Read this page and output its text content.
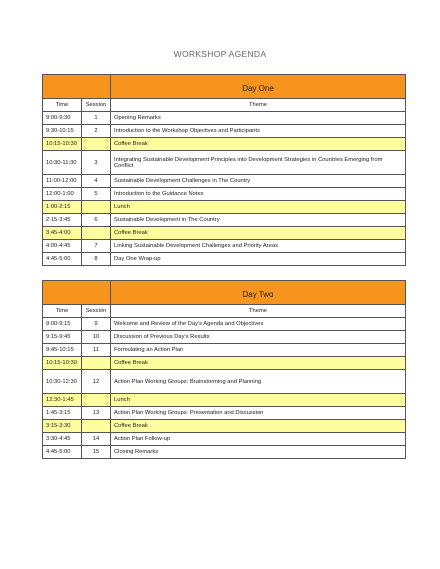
WORKSHOP AGENDA
		Day One
Time	Session	Theme
9:00-9:30	1	Opening Remarks
9:30-10:15	2	Introduction to the Workshop Objectives and Participants
10:15-10:30		Coffee Break
10:30-11:30	3	Integrating Sustainable Development Principles into Development Strategies in Countries Emerging from Conflict
11:00-12:00	4	Sustainable Development Challenges in The Country
12:00-1:00	5	Introduction to the Guidance Notes
1:00-2:15		Lunch
2:15-3:45	6	Sustainable Development in The Country
3:45-4:00		Coffee Break
4:00-4:45	7	Linking Sustainable Development Challenges and Priority Areas
4:45-5:00	8	Day One Wrap-up
		Day Two
Time	Session	Theme
9:00-9:15	9	Welcome and Review of the Day's Agenda and Objectives
9:15-9:45	10	Discussion of Previous Day's Results
9:45-10:15	11	Formulating an Action Plan
10:15-10:30		Coffee Break
10:30-12:30	12	Action Plan Working Groups: Brainstorming and Planning
12:30-1:45		Lunch
1:45-3:15	13	Action Plan Working Groups: Presentation and Discussion
3:15-3:30		Coffee Break
3:30-4:45	14	Action Plan Follow-up
4:45-5:00	15	Closing Remarks
